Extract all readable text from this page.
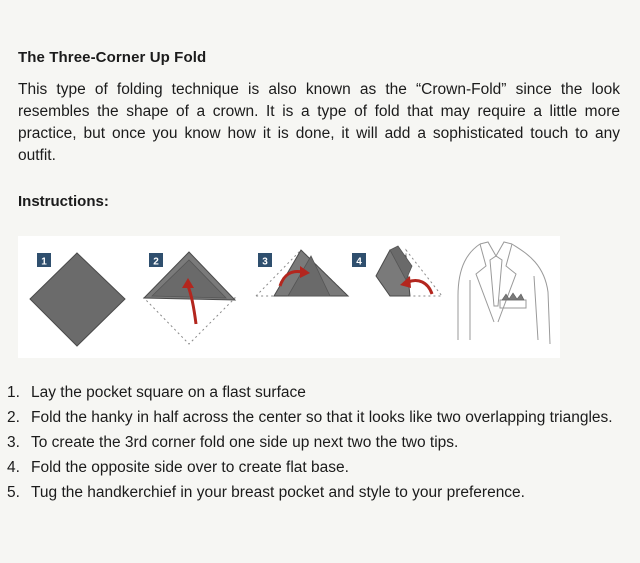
The Three-Corner Up Fold
This type of folding technique is also known as the “Crown-Fold” since the look resembles the shape of a crown. It is a type of fold that may require a little more practice, but once you know how it is done, it will add a sophisticated touch to any outfit.
Instructions:
1	2	3	4
1. Lay the pocket square on a flast surface
2. Fold the hanky in half across the center so that it looks like two overlapping triangles.
3. To create the 3rd corner fold one side up next two the two tips.
4. Fold the opposite side over to create flat base.
5. Tug the handkerchief in your breast pocket and style to your preference.
